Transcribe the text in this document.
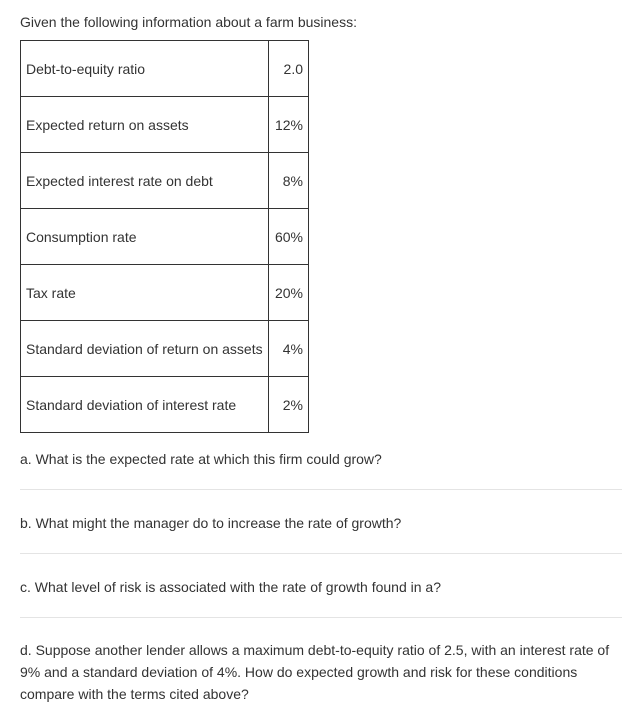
Given the following information about a farm business:

Debt-to-equity ratio	2.0
Expected return on assets	12%
Expected interest rate on debt	8%
Consumption rate	60%
Tax rate	20%
Standard deviation of return on assets	4%
Standard deviation of interest rate	2%

a. What is the expected rate at which this firm could grow?

b. What might the manager do to increase the rate of growth?

c. What level of risk is associated with the rate of growth found in a?

d. Suppose another lender allows a maximum debt-to-equity ratio of 2.5, with an interest rate of 9% and a standard deviation of 4%. How do expected growth and risk for these conditions compare with the terms cited above?
